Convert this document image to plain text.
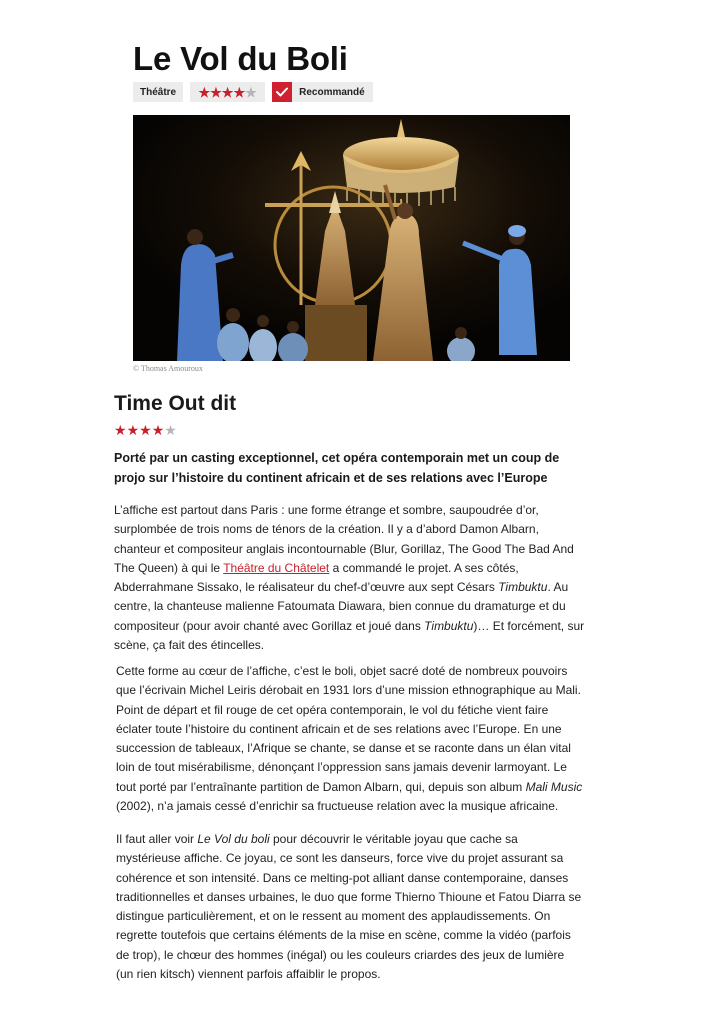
Le Vol du Boli
Théâtre	★ ★ ★ ★ ★	Recommandé
© Thomas Amouroux
Time Out dit
★ ★ ★ ★ ★

Porté par un casting exceptionnel, cet opéra contemporain met un coup de projo sur l’histoire du continent africain et de ses relations avec l’Europe

L’affiche est partout dans Paris : une forme étrange et sombre, saupoudrée d’or, surplombée de trois noms de ténors de la création. Il y a d’abord Damon Albarn, chanteur et compositeur anglais incontournable (Blur, Gorillaz, The Good The Bad And The Queen) à qui le Théâtre du Châtelet a commandé le projet. A ses côtés, Abderrahmane Sissako, le réalisateur du chef-d’œuvre aux sept Césars Timbuktu. Au centre, la chanteuse malienne Fatoumata Diawara, bien connue du dramaturge et du compositeur (pour avoir chanté avec Gorillaz et joué dans Timbuktu)… Et forcément, sur scène, ça fait des étincelles.

Cette forme au cœur de l’affiche, c’est le boli, objet sacré doté de nombreux pouvoirs que l’écrivain Michel Leiris dérobait en 1931 lors d’une mission ethnographique au Mali. Point de départ et fil rouge de cet opéra contemporain, le vol du fétiche vient faire éclater toute l’histoire du continent africain et de ses relations avec l’Europe. En une succession de tableaux, l’Afrique se chante, se danse et se raconte dans un élan vital loin de tout misérabilisme, dénonçant l’oppression sans jamais devenir larmoyant. Le tout porté par l’entraînante partition de Damon Albarn, qui, depuis son album Mali Music (2002), n’a jamais cessé d’enrichir sa fructueuse relation avec la musique africaine.

Il faut aller voir Le Vol du boli pour découvrir le véritable joyau que cache sa mystérieuse affiche. Ce joyau, ce sont les danseurs, force vive du projet assurant sa cohérence et son intensité. Dans ce melting-pot alliant danse contemporaine, danses traditionnelles et danses urbaines, le duo que forme Thierno Thioune et Fatou Diarra se distingue particulièrement, et on le ressent au moment des applaudissements. On regrette toutefois que certains éléments de la mise en scène, comme la vidéo (parfois de trop), le chœur des hommes (inégal) ou les couleurs criardes des jeux de lumière (un rien kitsch) viennent parfois affaiblir le propos.
